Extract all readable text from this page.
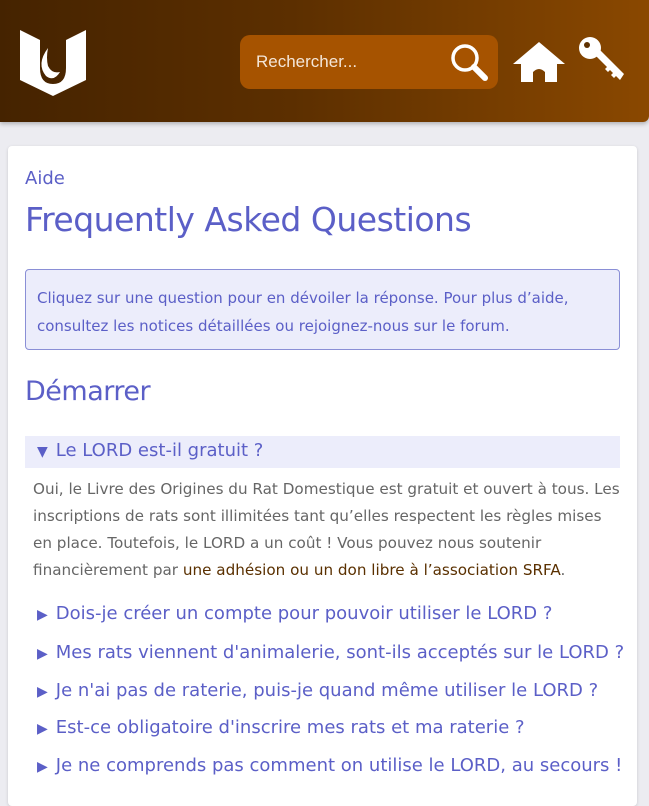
Rechercher...
Aide
Frequently Asked Questions
Cliquez sur une question pour en dévoiler la réponse. Pour plus d’aide, consultez les notices détaillées ou rejoignez-nous sur le forum.
Démarrer
▼ Le LORD est-il gratuit ?
Oui, le Livre des Origines du Rat Domestique est gratuit et ouvert à tous. Les inscriptions de rats sont illimitées tant qu’elles respectent les règles mises en place. Toutefois, le LORD a un coût ! Vous pouvez nous soutenir financièrement par une adhésion ou un don libre à l’association SRFA.
▶ Dois-je créer un compte pour pouvoir utiliser le LORD ?
▶ Mes rats viennent d'animalerie, sont-ils acceptés sur le LORD ?
▶ Je n'ai pas de raterie, puis-je quand même utiliser le LORD ?
▶ Est-ce obligatoire d'inscrire mes rats et ma raterie ?
▶ Je ne comprends pas comment on utilise le LORD, au secours !
